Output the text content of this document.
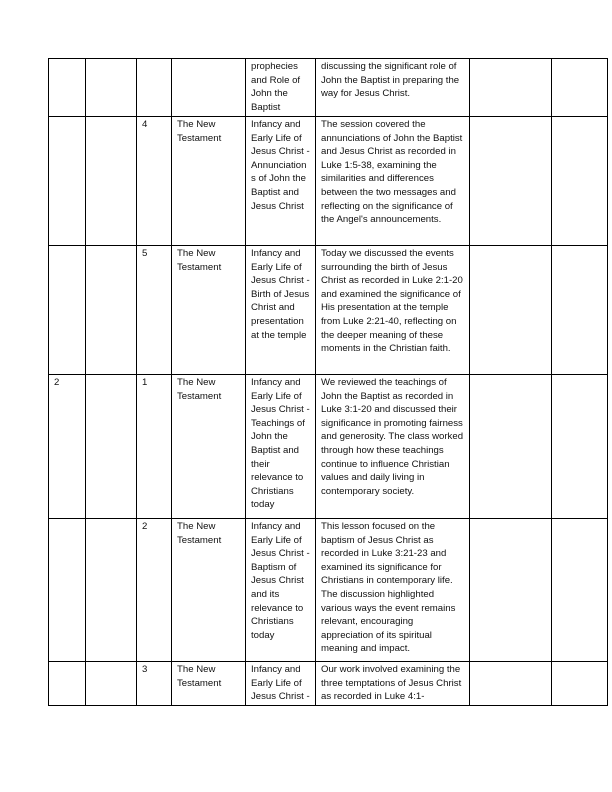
				prophecies and Role of John the Baptist	discussing the significant role of John the Baptist in preparing the way for Jesus Christ.		
		4	The New Testament	Infancy and Early Life of Jesus Christ - Annunciation s of John the Baptist and Jesus Christ	The session covered the annunciations of John the Baptist and Jesus Christ as recorded in Luke 1:5-38, examining the similarities and differences between the two messages and reflecting on the significance of the Angel's announcements.		
		5	The New Testament	Infancy and Early Life of Jesus Christ - Birth of Jesus Christ and presentation at the temple	Today we discussed the events surrounding the birth of Jesus Christ as recorded in Luke 2:1-20 and examined the significance of His presentation at the temple from Luke 2:21-40, reflecting on the deeper meaning of these moments in the Christian faith.		
2		1	The New Testament	Infancy and Early Life of Jesus Christ - Teachings of John the Baptist and their relevance to Christians today	We reviewed the teachings of John the Baptist as recorded in Luke 3:1-20 and discussed their significance in promoting fairness and generosity. The class worked through how these teachings continue to influence Christian values and daily living in contemporary society.		
		2	The New Testament	Infancy and Early Life of Jesus Christ - Baptism of Jesus Christ and its relevance to Christians today	This lesson focused on the baptism of Jesus Christ as recorded in Luke 3:21-23 and examined its significance for Christians in contemporary life. The discussion highlighted various ways the event remains relevant, encouraging appreciation of its spiritual meaning and impact.		
		3	The New Testament	Infancy and Early Life of Jesus Christ -	Our work involved examining the three temptations of Jesus Christ as recorded in Luke 4:1-		
